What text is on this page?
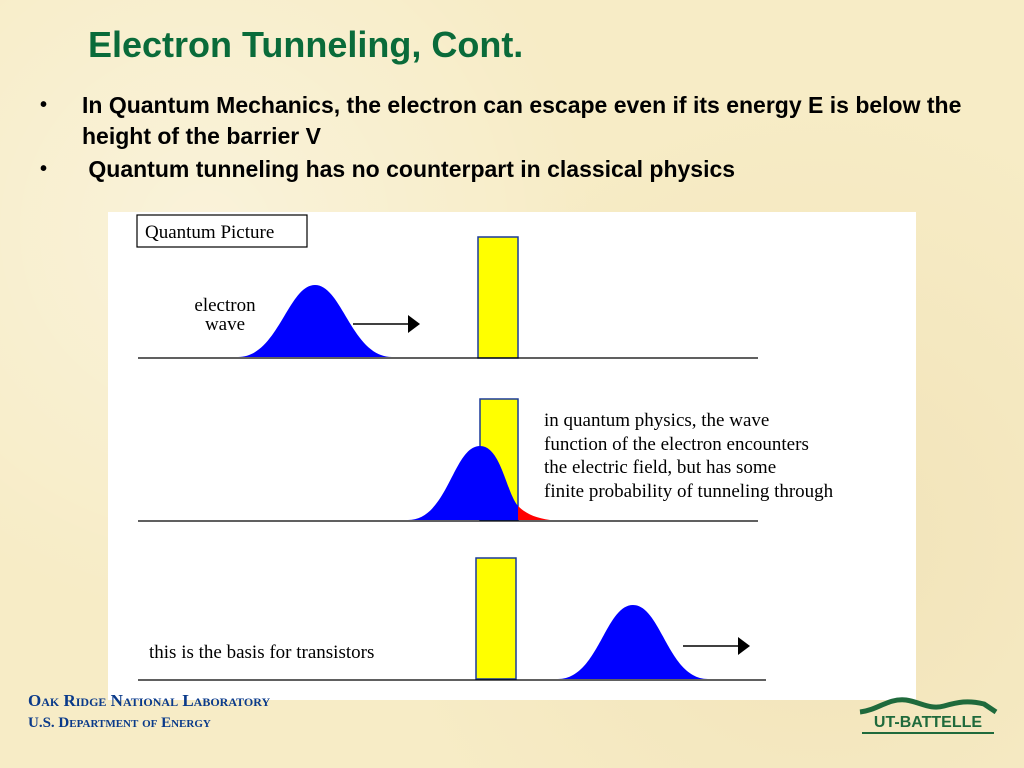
Electron Tunneling, Cont.
• In Quantum Mechanics, the electron can escape even if its energy E is below the height of the barrier V
• Quantum tunneling has no counterpart in classical physics
Quantum Picture
electron
wave
in quantum physics, the wave
function of the electron encounters
the electric field, but has some
finite probability of tunneling through
this is the basis for transistors
Oak Ridge National Laboratory
U.S. Department of Energy	UT-BATTELLE
